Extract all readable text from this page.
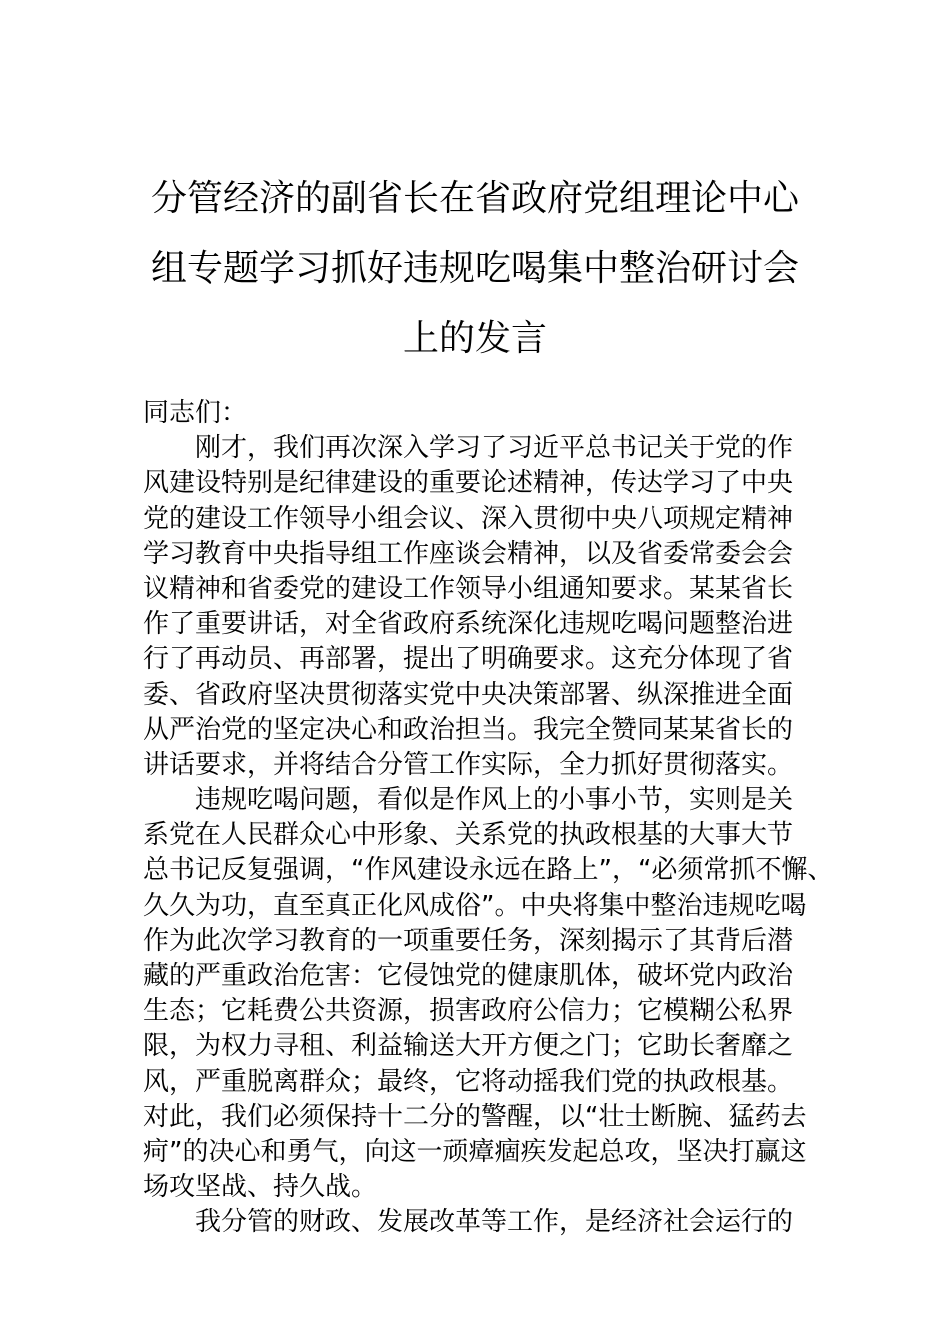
分管经济的副省长在省政府党组理论中心
组专题学习抓好违规吃喝集中整治研讨会
上的发言
同志们：
刚才，我们再次深入学习了习近平总书记关于党的作
风建设特别是纪律建设的重要论述精神，传达学习了中央
党的建设工作领导小组会议、深入贯彻中央八项规定精神
学习教育中央指导组工作座谈会精神，以及省委常委会会
议精神和省委党的建设工作领导小组通知要求。某某省长
作了重要讲话，对全省政府系统深化违规吃喝问题整治进
行了再动员、再部署，提出了明确要求。这充分体现了省
委、省政府坚决贯彻落实党中央决策部署、纵深推进全面
从严治党的坚定决心和政治担当。我完全赞同某某省长的
讲话要求，并将结合分管工作实际，全力抓好贯彻落实。
违规吃喝问题，看似是作风上的小事小节，实则是关
系党在人民群众心中形象、关系党的执政根基的大事大节
总书记反复强调，“作风建设永远在路上”，“必须常抓不懈、
久久为功，直至真正化风成俗”。中央将集中整治违规吃喝
作为此次学习教育的一项重要任务，深刻揭示了其背后潜
藏的严重政治危害：它侵蚀党的健康肌体，破坏党内政治
生态；它耗费公共资源，损害政府公信力；它模糊公私界
限，为权力寻租、利益输送大开方便之门；它助长奢靡之
风，严重脱离群众；最终，它将动摇我们党的执政根基。
对此，我们必须保持十二分的警醒，以“壮士断腕、猛药去
疴”的决心和勇气，向这一顽瘴痼疾发起总攻，坚决打赢这
场攻坚战、持久战。
我分管的财政、发展改革等工作，是经济社会运行的
